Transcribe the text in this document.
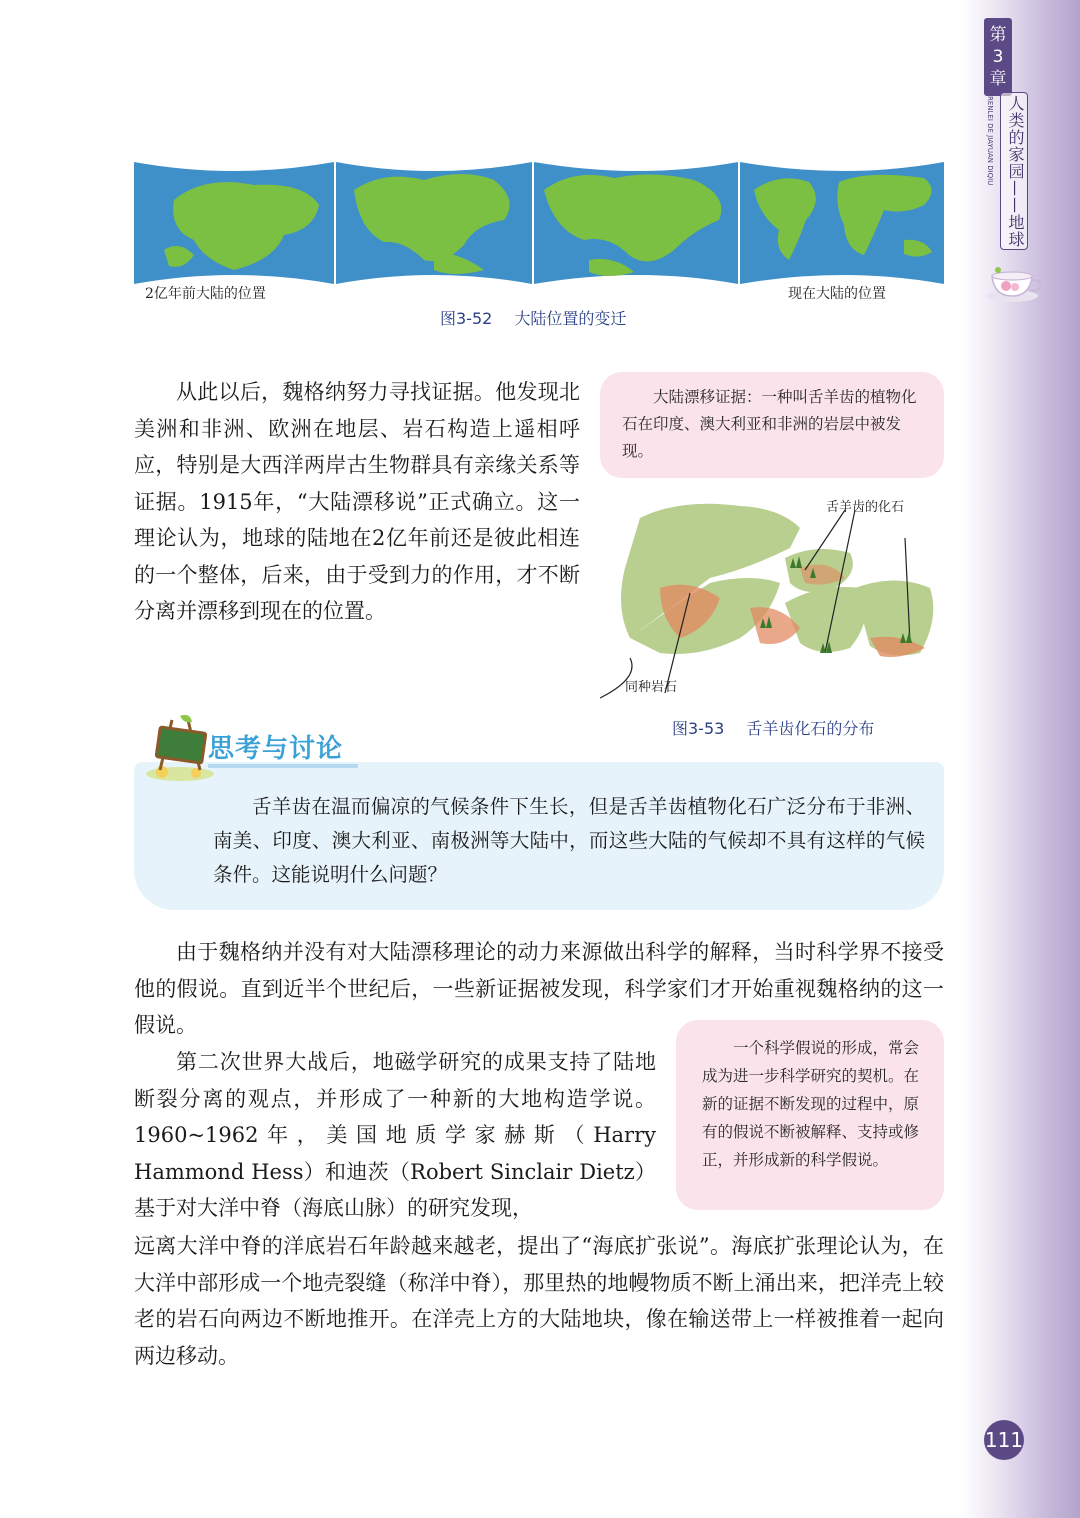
第
3
章
RENLEI DE JIAYUAN DIQIU 人类的家园——地球
2亿年前大陆的位置	现在大陆的位置
图3-52 大陆位置的变迁

从此以后，魏格纳努力寻找证据。他发现北美洲和非洲、欧洲在地层、岩石构造上遥相呼应，特别是大西洋两岸古生物群具有亲缘关系等证据。1915年，“大陆漂移说”正式确立。这一理论认为，地球的陆地在2亿年前还是彼此相连的一个整体，后来，由于受到力的作用，才不断分离并漂移到现在的位置。

大陆漂移证据：一种叫舌羊齿的植物化石在印度、澳大利亚和非洲的岩层中被发现。
舌羊齿的化石
同种岩石
图3-53 舌羊齿化石的分布
思考与讨论

舌羊齿在温而偏凉的气候条件下生长，但是舌羊齿植物化石广泛分布于非洲、南美、印度、澳大利亚、南极洲等大陆中，而这些大陆的气候却不具有这样的气候条件。这能说明什么问题？

由于魏格纳并没有对大陆漂移理论的动力来源做出科学的解释，当时科学界不接受他的假说。直到近半个世纪后，一些新证据被发现，科学家们才开始重视魏格纳的这一假说。

第二次世界大战后，地磁学研究的成果支持了陆地断裂分离的观点，并形成了一种新的大地构造学说。1960~1962年，美国地质学家赫斯（Harry Hammond Hess）和迪茨（Robert Sinclair Dietz）基于对大洋中脊（海底山脉）的研究发现，

一个科学假说的形成，常会成为进一步科学研究的契机。在新的证据不断发现的过程中，原有的假说不断被解释、支持或修正，并形成新的科学假说。

远离大洋中脊的洋底岩石年龄越来越老，提出了“海底扩张说”。海底扩张理论认为，在大洋中部形成一个地壳裂缝（称洋中脊），那里热的地幔物质不断上涌出来，把洋壳上较老的岩石向两边不断地推开。在洋壳上方的大陆地块，像在输送带上一样被推着一起向两边移动。

111
